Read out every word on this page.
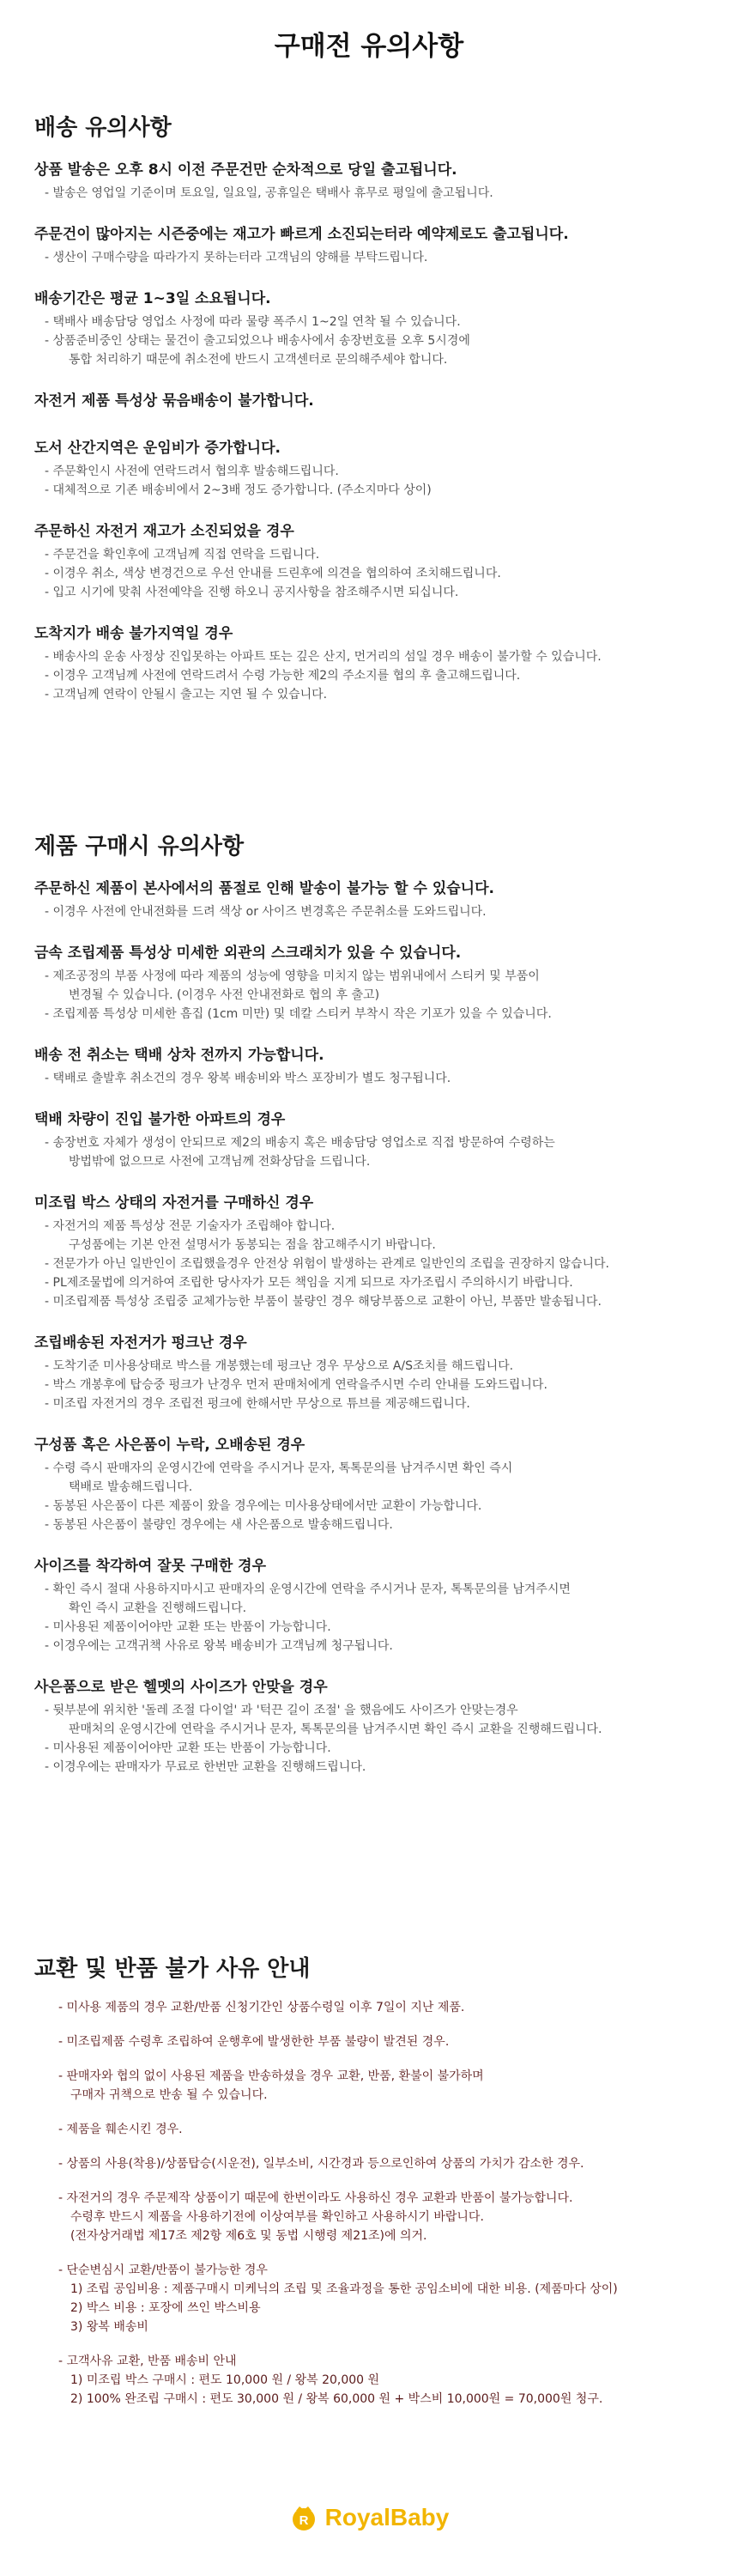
구매전 유의사항
배송 유의사항
상품 발송은 오후 8시 이전 주문건만 순차적으로 당일 출고됩니다.
- 발송은 영업일 기준이며 토요일, 일요일, 공휴일은 택배사 휴무로 평일에 출고됩니다.
주문건이 많아지는 시즌중에는 재고가 빠르게 소진되는터라 예약제로도 출고됩니다.
- 생산이 구매수량을 따라가지 못하는터라 고객님의 양해를 부탁드립니다.
배송기간은 평균 1~3일 소요됩니다.
- 택배사 배송담당 영업소 사정에 따라 물량 폭주시 1~2일 연착 될 수 있습니다.
- 상품준비중인 상태는 물건이 출고되었으나 배송사에서 송장번호를 오후 5시경에
통합 처리하기 때문에 취소전에 반드시 고객센터로 문의해주세야 합니다.
자전거 제품 특성상 묶음배송이 불가합니다.
도서 산간지역은 운임비가 증가합니다.
- 주문확인시 사전에 연락드려서 협의후 발송해드립니다.
- 대체적으로 기존 배송비에서 2~3배 정도 증가합니다. (주소지마다 상이)
주문하신 자전거 재고가 소진되었을 경우
- 주문건을 확인후에 고객님께 직접 연락을 드립니다.
- 이경우 취소, 색상 변경건으로 우선 안내를 드린후에 의견을 협의하여 조치해드립니다.
- 입고 시기에 맞춰 사전예약을 진행 하오니 공지사항을 참조해주시면 되십니다.
도착지가 배송 불가지역일 경우
- 배송사의 운송 사정상 진입못하는 아파트 또는 깊은 산지, 먼거리의 섬일 경우 배송이 불가할 수 있습니다.
- 이경우 고객님께 사전에 연락드려서 수령 가능한 제2의 주소지를 협의 후 출고해드립니다.
- 고객님께 연락이 안될시 출고는 지연 될 수 있습니다.
제품 구매시 유의사항
주문하신 제품이 본사에서의 품절로 인해 발송이 불가능 할 수 있습니다.
- 이경우 사전에 안내전화를 드려 색상 or 사이즈 변경혹은 주문취소를 도와드립니다.
금속 조립제품 특성상 미세한 외관의 스크래치가 있을 수 있습니다.
- 제조공정의 부품 사정에 따라 제품의 성능에 영향을 미치지 않는 범위내에서 스티커 및 부품이
변경될 수 있습니다. (이경우 사전 안내전화로 협의 후 출고)
- 조립제품 특성상 미세한 흠집 (1cm 미만) 및 데칼 스티커 부착시 작은 기포가 있을 수 있습니다.
배송 전 취소는 택배 상차 전까지 가능합니다.
- 택배로 출발후 취소건의 경우 왕복 배송비와 박스 포장비가 별도 청구됩니다.
택배 차량이 진입 불가한 아파트의 경우
- 송장번호 자체가 생성이 안되므로 제2의 배송지 혹은 배송담당 영업소로 직접 방문하여 수령하는
방법밖에 없으므로 사전에 고객님께 전화상담을 드립니다.
미조립 박스 상태의 자전거를 구매하신 경우
- 자전거의 제품 특성상 전문 기술자가 조립해야 합니다.
구성품에는 기본 안전 설명서가 동봉되는 점을 참고해주시기 바랍니다.
- 전문가가 아닌 일반인이 조립했을경우 안전상 위험이 발생하는 관계로 일반인의 조립을 권장하지 않습니다.
- PL제조물법에 의거하여 조립한 당사자가 모든 책임을 지게 되므로 자가조립시 주의하시기 바랍니다.
- 미조립제품 특성상 조립중 교체가능한 부품이 불량인 경우 해당부품으로 교환이 아닌, 부품만 발송됩니다.
조립배송된 자전거가 펑크난 경우
- 도착기준 미사용상태로 박스를 개봉했는데 펑크난 경우 무상으로 A/S조치를 해드립니다.
- 박스 개봉후에 탑승중 펑크가 난경우 먼저 판매처에게 연락을주시면 수리 안내를 도와드립니다.
- 미조립 자전거의 경우 조립전 펑크에 한해서만 무상으로 튜브를 제공해드립니다.
구성품 혹은 사은품이 누락, 오배송된 경우
- 수령 즉시 판매자의 운영시간에 연락을 주시거나 문자, 톡톡문의를 남겨주시면 확인 즉시
택배로 발송해드립니다.
- 동봉된 사은품이 다른 제품이 왔을 경우에는 미사용상태에서만 교환이 가능합니다.
- 동봉된 사은품이 불량인 경우에는 새 사은품으로 발송해드립니다.
사이즈를 착각하여 잘못 구매한 경우
- 확인 즉시 절대 사용하지마시고 판매자의 운영시간에 연락을 주시거나 문자, 톡톡문의를 남겨주시면
확인 즉시 교환을 진행해드립니다.
- 미사용된 제품이어야만 교환 또는 반품이 가능합니다.
- 이경우에는 고객귀책 사유로 왕복 배송비가 고객님께 청구됩니다.
사은품으로 받은 헬멧의 사이즈가 안맞을 경우
- 뒷부분에 위치한 '돌레 조절 다이얼' 과 '턱끈 길이 조절' 을 했음에도 사이즈가 안맞는경우
판매처의 운영시간에 연락을 주시거나 문자, 톡톡문의를 남겨주시면 확인 즉시 교환을 진행해드립니다.
- 미사용된 제품이어야만 교환 또는 반품이 가능합니다.
- 이경우에는 판매자가 무료로 한번만 교환을 진행해드립니다.
교환 및 반품 불가 사유 안내
- 미사용 제품의 경우 교환/반품 신청기간인 상품수령일 이후 7일이 지난 제품.
- 미조립제품 수령후 조립하여 운행후에 발생한한 부품 불량이 발견된 경우.
- 판매자와 협의 없이 사용된 제품을 반송하셨을 경우 교환, 반품, 환불이 불가하며
구매자 귀책으로 반송 될 수 있습니다.
- 제품을 훼손시킨 경우.
- 상품의 사용(착용)/상품탑승(시운전), 일부소비, 시간경과 등으로인하여 상품의 가치가 감소한 경우.
- 자전거의 경우 주문제작 상품이기 때문에 한번이라도 사용하신 경우 교환과 반품이 불가능합니다.
수령후 반드시 제품을 사용하기전에 이상여부를 확인하고 사용하시기 바랍니다.
(전자상거래법 제17조 제2항 제6호 및 동법 시행령 제21조)에 의거.
- 단순변심시 교환/반품이 불가능한 경우
1) 조립 공임비용 : 제품구매시 미케닉의 조립 및 조율과정을 통한 공임소비에 대한 비용. (제품마다 상이)
2) 박스 비용 : 포장에 쓰인 박스비용
3) 왕복 배송비
- 고객사유 교환, 반품 배송비 안내
1) 미조립 박스 구매시 : 편도 10,000 원 / 왕복 20,000 원
2) 100% 완조립 구매시 : 편도 30,000 원 / 왕복 60,000 원 + 박스비 10,000원 = 70,000원 청구.
R RoyalBaby
